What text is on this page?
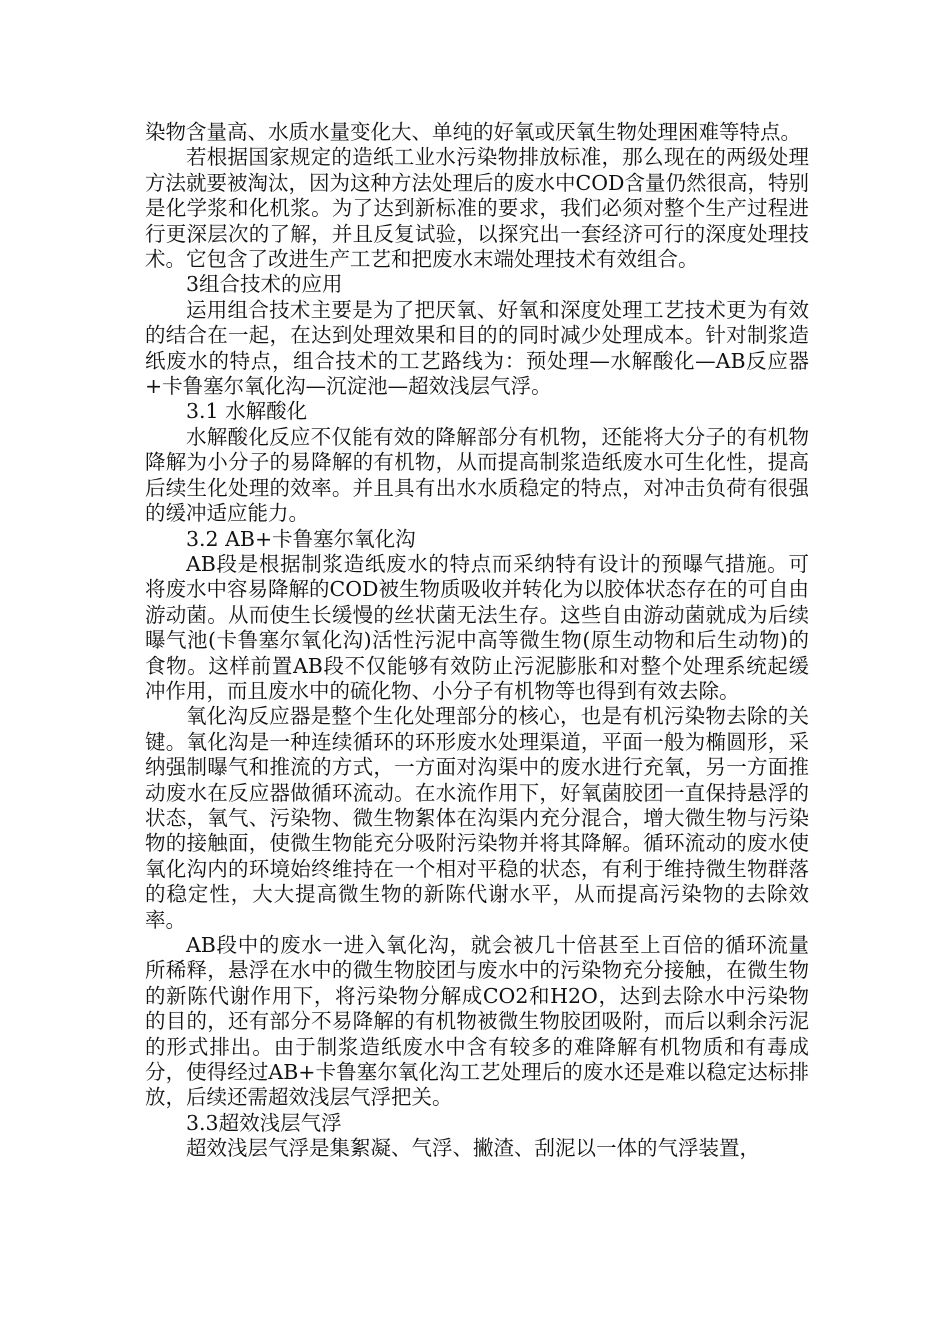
染物含量高、水质水量变化大、单纯的好氧或厌氧生物处理困难等特点。

若根据国家规定的造纸工业水污染物排放标准，那么现在的两级处理方法就要被淘汰，因为这种方法处理后的废水中COD含量仍然很高，特别是化学浆和化机浆。为了达到新标准的要求，我们必须对整个生产过程进行更深层次的了解，并且反复试验，以探究出一套经济可行的深度处理技术。它包含了改进生产工艺和把废水末端处理技术有效组合。

3组合技术的应用

运用组合技术主要是为了把厌氧、好氧和深度处理工艺技术更为有效的结合在一起，在达到处理效果和目的的同时减少处理成本。针对制浆造纸废水的特点，组合技术的工艺路线为：预处理—水解酸化—AB反应器+卡鲁塞尔氧化沟—沉淀池—超效浅层气浮。

3.1 水解酸化

水解酸化反应不仅能有效的降解部分有机物，还能将大分子的有机物降解为小分子的易降解的有机物，从而提高制浆造纸废水可生化性，提高后续生化处理的效率。并且具有出水水质稳定的特点，对冲击负荷有很强的缓冲适应能力。

3.2 AB+卡鲁塞尔氧化沟

AB段是根据制浆造纸废水的特点而采纳特有设计的预曝气措施。可将废水中容易降解的COD被生物质吸收并转化为以胶体状态存在的可自由游动菌。从而使生长缓慢的丝状菌无法生存。这些自由游动菌就成为后续曝气池(卡鲁塞尔氧化沟)活性污泥中高等微生物(原生动物和后生动物)的食物。这样前置AB段不仅能够有效防止污泥膨胀和对整个处理系统起缓冲作用，而且废水中的硫化物、小分子有机物等也得到有效去除。

氧化沟反应器是整个生化处理部分的核心，也是有机污染物去除的关键。氧化沟是一种连续循环的环形废水处理渠道，平面一般为椭圆形，采纳强制曝气和推流的方式，一方面对沟渠中的废水进行充氧，另一方面推动废水在反应器做循环流动。在水流作用下，好氧菌胶团一直保持悬浮的状态，氧气、污染物、微生物絮体在沟渠内充分混合，增大微生物与污染物的接触面，使微生物能充分吸附污染物并将其降解。循环流动的废水使氧化沟内的环境始终维持在一个相对平稳的状态，有利于维持微生物群落的稳定性，大大提高微生物的新陈代谢水平，从而提高污染物的去除效率。

AB段中的废水一进入氧化沟，就会被几十倍甚至上百倍的循环流量所稀释，悬浮在水中的微生物胶团与废水中的污染物充分接触，在微生物的新陈代谢作用下，将污染物分解成CO2和H2O，达到去除水中污染物的目的，还有部分不易降解的有机物被微生物胶团吸附，而后以剩余污泥的形式排出。由于制浆造纸废水中含有较多的难降解有机物质和有毒成分，使得经过AB+卡鲁塞尔氧化沟工艺处理后的废水还是难以稳定达标排放，后续还需超效浅层气浮把关。

3.3超效浅层气浮

超效浅层气浮是集絮凝、气浮、撇渣、刮泥以一体的气浮装置，
